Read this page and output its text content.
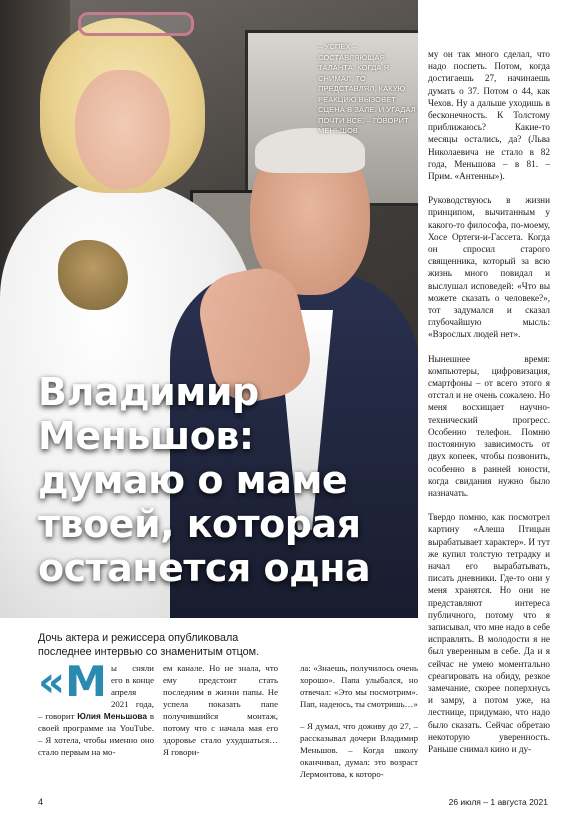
– УСПЕХ – СОСТАВЛЯЮЩАЯ ТАЛАНТА. КОГДА Я СНИМАЛ, ТО ПРЕДСТАВЛЯЛ, КАКУЮ РЕАКЦИЮ ВЫЗОВЕТ СЦЕНА В ЗАЛЕ. И УГАДАЛ ПОЧТИ ВСЕ, – ГОВОРИТ МЕНЬШОВ.
Владимир
Меньшов:
думаю о маме
твоей, которая
останется одна

му он так много сделал, что надо поспеть. Потом, когда достигаешь 27, начинаешь думать о 37. Потом о 44, как Чехов. Ну а дальше уходишь в бесконечность. К Толстому приближаюсь? Какие-то месяцы остались, да? (Льва Николаевича не стало в 82 года, Меньшова – в 81. – Прим. «Антенны»).

Руководствуюсь в жизни принципом, вычитанным у какого-то философа, по-моему, Хосе Ортеги-и-Гассета. Когда он спросил старого священника, который за всю жизнь много повидал и выслушал исповедей: «Что вы можете сказать о человеке?», тот задумался и сказал глубочайшую мысль: «Взрослых людей нет».

Нынешнее время: компьютеры, цифровизация, смартфоны – от всего этого я отстал и не очень сожалею. Но меня восхищает научно-технический прогресс. Особенно телефон. Помню постоянную зависимость от двух копеек, чтобы позвонить, особенно в ранней юности, когда свидания нужно было назначать.

Твердо помню, как посмотрел картину «Алеша Птицын вырабатывает характер». И тут же купил толстую тетрадку и начал его вырабатывать, писать дневники. Где-то они у меня хранятся. Но они не представляют интереса публичного, потому что я записывал, что мне надо в себе исправлять. В молодости я не был уверенным в себе. Да и я сейчас не умею моментально среагировать на обиду, резкое замечание, скорее поперхнусь и замру, а потом уже, на лестнице, придумаю, что надо было сказать. Сейчас обретаю некоторую уверенность. Раньше снимал кино и ду-

Дочь актера и режиссера опубликовала последнее интервью со знаменитым отцом.

«Мы сняли его в конце апреля 2021 года, – говорит Юлия Меньшова в своей программе на YouTube. – Я хотела, чтобы именно оно стало первым на мо-

ем канале. Но не знала, что ему предстоит стать последним в жизни папы. Не успела показать папе получившийся монтаж, потому что с начала мая его здоровье стало ухудшаться… Я говори-

ла: «Знаешь, получилось очень хорошо». Папа улыбался, но отвечал: «Это мы посмотрим». Пап, надеюсь, ты смотришь…»

– Я думал, что доживу до 27, – рассказывал дочери Владимир Меньшов. – Когда школу оканчивал, думал: это возраст Лермонтова, к которо-

4	26 июля – 1 августа 2021
